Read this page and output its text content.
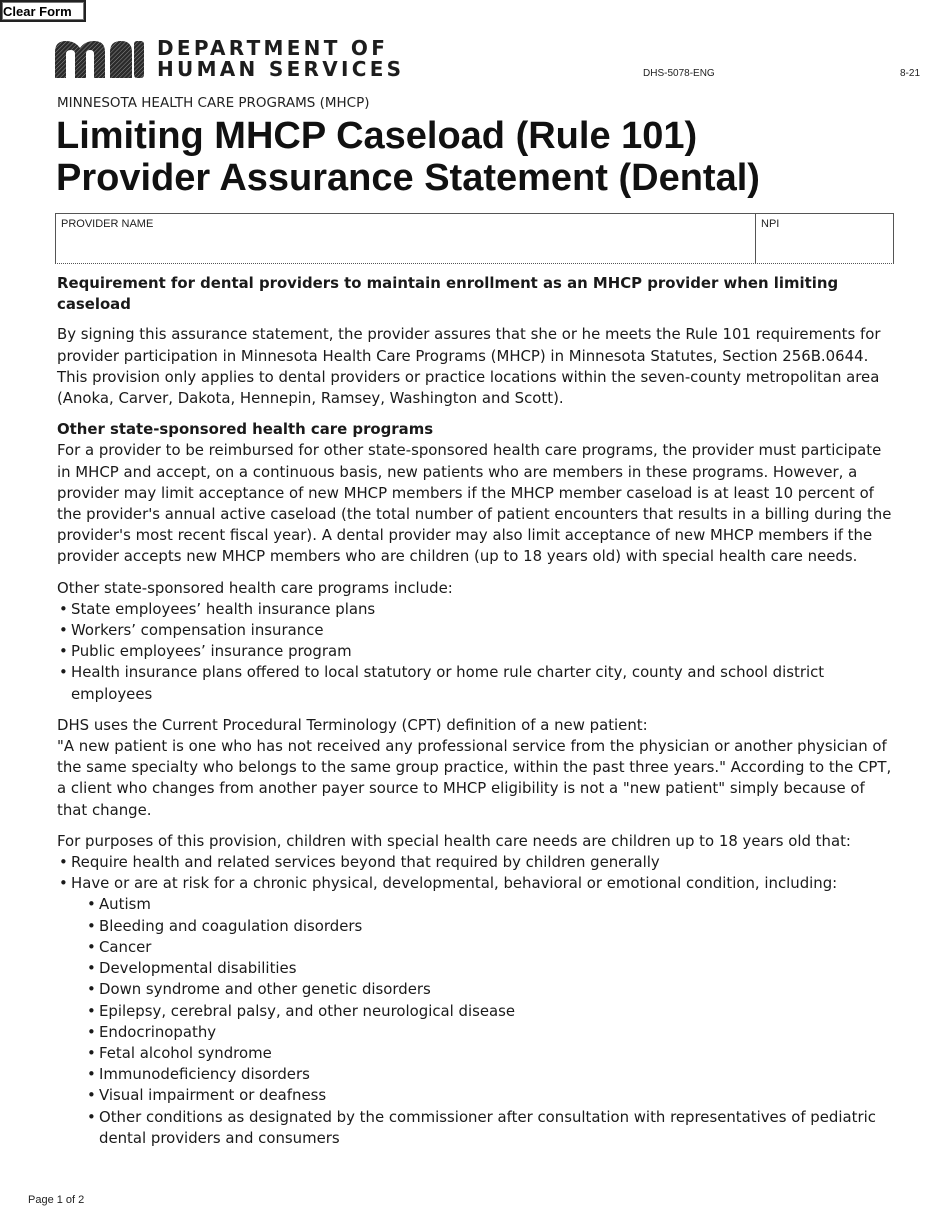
Clear Form
DEPARTMENT OF
HUMAN SERVICES	DHS-5078-ENG	8-21
MINNESOTA HEALTH CARE PROGRAMS (MHCP)
Limiting MHCP Caseload (Rule 101)
Provider Assurance Statement (Dental)
PROVIDER NAME	NPI

Requirement for dental providers to maintain enrollment as an MHCP provider when limiting caseload

By signing this assurance statement, the provider assures that she or he meets the Rule 101 requirements for provider participation in Minnesota Health Care Programs (MHCP) in Minnesota Statutes, Section 256B.0644. This provision only applies to dental providers or practice locations within the seven-county metropolitan area (Anoka, Carver, Dakota, Hennepin, Ramsey, Washington and Scott).

Other state-sponsored health care programs

For a provider to be reimbursed for other state-sponsored health care programs, the provider must participate in MHCP and accept, on a continuous basis, new patients who are members in these programs. However, a provider may limit acceptance of new MHCP members if the MHCP member caseload is at least 10 percent of the provider's annual active caseload (the total number of patient encounters that results in a billing during the provider's most recent fiscal year). A dental provider may also limit acceptance of new MHCP members if the provider accepts new MHCP members who are children (up to 18 years old) with special health care needs.

Other state-sponsored health care programs include:

• State employees’ health insurance plans
• Workers’ compensation insurance
• Public employees’ insurance program
• Health insurance plans offered to local statutory or home rule charter city, county and school district employees

DHS uses the Current Procedural Terminology (CPT) definition of a new patient:

"A new patient is one who has not received any professional service from the physician or another physician of the same specialty who belongs to the same group practice, within the past three years." According to the CPT, a client who changes from another payer source to MHCP eligibility is not a "new patient" simply because of that change.

For purposes of this provision, children with special health care needs are children up to 18 years old that:

• Require health and related services beyond that required by children generally
• Have or are at risk for a chronic physical, developmental, behavioral or emotional condition, including:
• Autism
• Bleeding and coagulation disorders
• Cancer
• Developmental disabilities
• Down syndrome and other genetic disorders
• Epilepsy, cerebral palsy, and other neurological disease
• Endocrinopathy
• Fetal alcohol syndrome
• Immunodeficiency disorders
• Visual impairment or deafness
• Other conditions as designated by the commissioner after consultation with representatives of pediatric dental providers and consumers
Page 1 of 2
